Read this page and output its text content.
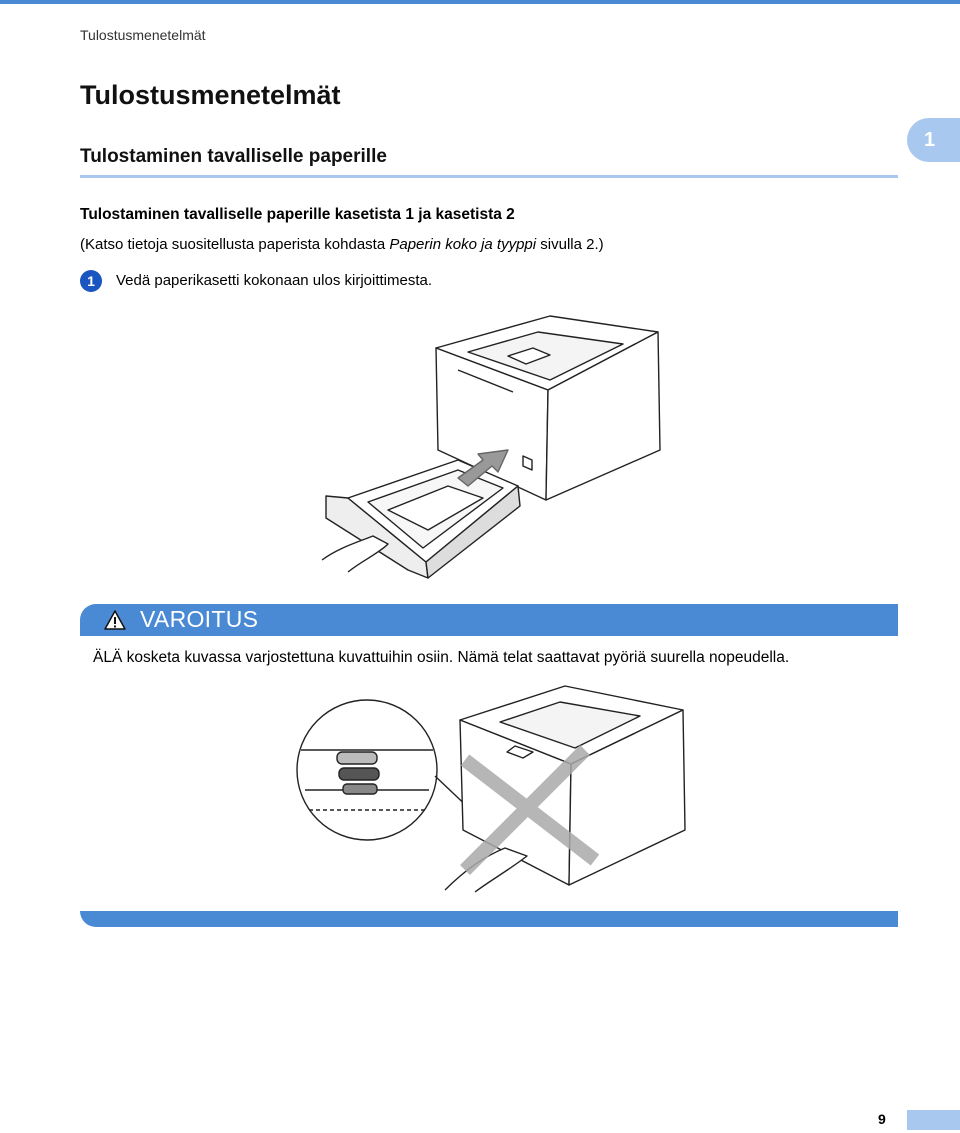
Tulostusmenetelmät
Tulostusmenetelmät
Tulostaminen tavalliselle paperille
1
Tulostaminen tavalliselle paperille kasetista 1 ja kasetista 2
(Katso tietoja suositellusta paperista kohdasta Paperin koko ja tyyppi sivulla 2.)
1 Vedä paperikasetti kokonaan ulos kirjoittimesta.
VAROITUS
ÄLÄ kosketa kuvassa varjostettuna kuvattuihin osiin. Nämä telat saattavat pyöriä suurella nopeudella.
9
